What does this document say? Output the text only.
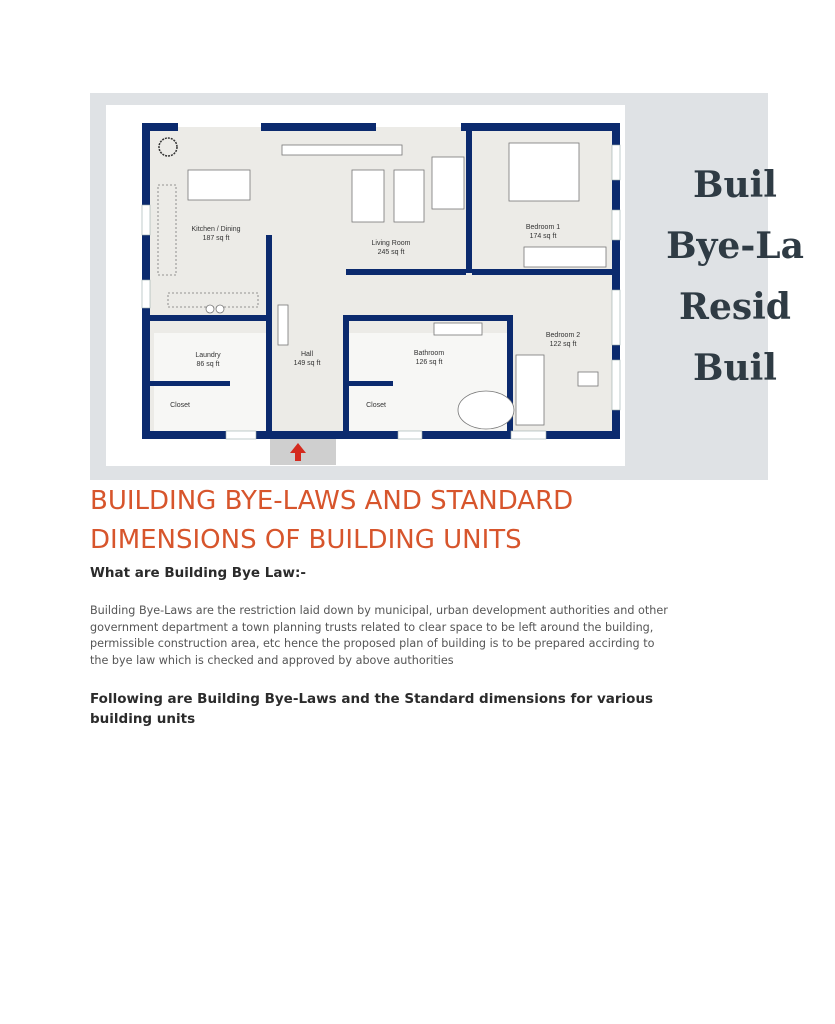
Kitchen / Dining
187 sq ft
Living Room
245 sq ft
Bedroom 1
174 sq ft
Bedroom 2
122 sq ft
Laundry
86 sq ft
Hall
149 sq ft
Bathroom
126 sq ft
Closet	Closet
Buil
Bye-La
Resid
Buil
BUILDING BYE-LAWS AND STANDARD DIMENSIONS OF BUILDING UNITS
What are Building Bye Law:-

Building Bye-Laws are the restriction laid down by municipal, urban development authorities and other government department a town planning trusts related to clear space to be left around the building, permissible construction area, etc hence the proposed plan of building is to be prepared accirding to the bye law which is checked and approved by above authorities

Following are Building Bye-Laws and the Standard dimensions for various building units
